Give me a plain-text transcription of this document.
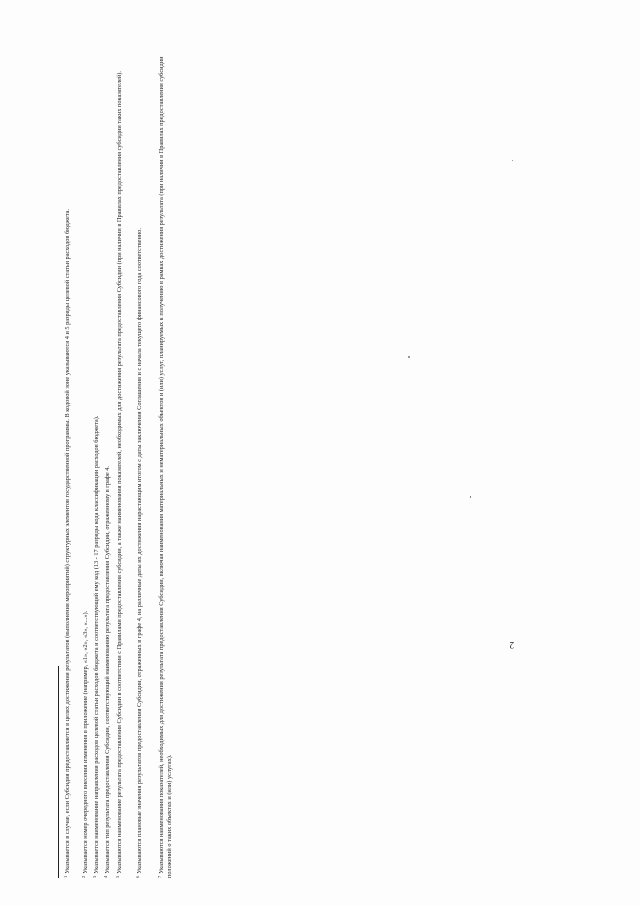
$^1$Указывается в случае, если Субсидия предоставляется в целях достижения результатов (выполнения мероприятий) структурных элементов государственной программы. В кодовой зоне указываются 4 и 5 разряды целевой статьи расходов бюджета.
$^2$Указывается номер очередного внесения изменения в приложение (например, «1», «2», «3», «...»).
$^3$Указывается наименование направления расходов целевой статьи расходов бюджета и соответствующий ему код (13 - 17 разряды кода классификации расходов бюджета).
$^4$Указывается тип результата предоставления Субсидии, соответствующий наименованию результата предоставления Субсидии, отраженному в графе 4.
$^5$Указываются наименование результата предоставления Субсидии в соответствии с Правилами предоставления субсидии, а также наименования показателей, необходимых для достижения результата предоставления Субсидии (при наличии в Правилах предоставления субсидии таких показателей).
$^6$Указываются плановые значения результатов предоставления Субсидии, отраженных в графе 4, на различные даты их достижения нарастающим итогом с даты заключения Соглашения и с начала текущего финансового года соответственно.
$^7$Указываются наименования показателей, необходимых для достижения результата предоставления Субсидии, включая наименования материальных и нематериальных объектов и (или) услуг, планируемых к получению в рамках достижения результата (при наличии в Правилах предоставления субсидии положений о таких объектах и (или) услугах).
2
